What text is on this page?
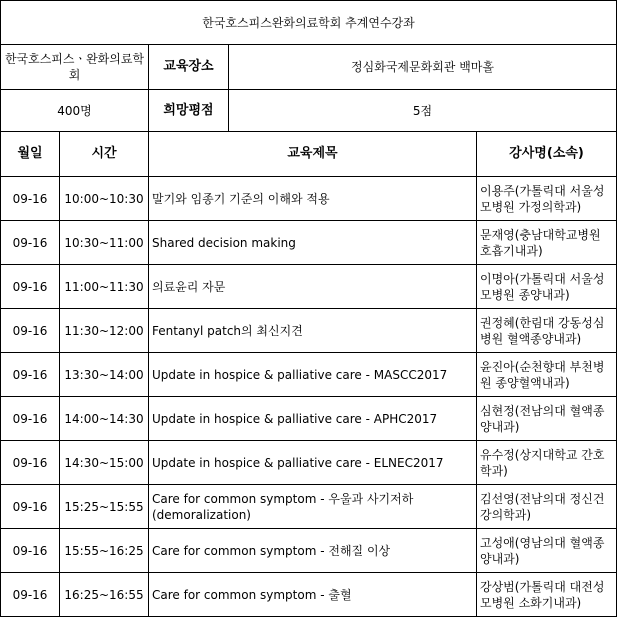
한국호스피스완화의료학회 추계연수강좌				
한국호스피스ㆍ완화의료학회		교육장소	정심화국제문화회관 백마홀	
400명		희망평점	5점	
월일	시간	교육제목		강사명(소속)
09-16	10:00~10:30	말기와 임종기 기준의 이해와 적용		이용주(가톨릭대 서울성모병원 가정의학과)
09-16	10:30~11:00	Shared decision making		문재영(충남대학교병원 호흡기내과)
09-16	11:00~11:30	의료윤리 자문		이명아(가톨릭대 서울성모병원 종양내과)
09-16	11:30~12:00	Fentanyl patch의 최신지견		권정혜(한림대 강동성심병원 혈액종양내과)
09-16	13:30~14:00	Update in hospice & palliative care - MASCC2017		윤진아(순천향대 부천병원 종양혈액내과)
09-16	14:00~14:30	Update in hospice & palliative care - APHC2017		심현정(전남의대 혈액종양내과)
09-16	14:30~15:00	Update in hospice & palliative care - ELNEC2017		유수정(상지대학교 간호학과)
09-16	15:25~15:55	Care for common symptom - 우울과 사기저하 (demoralization)		김선영(전남의대 정신건강의학과)
09-16	15:55~16:25	Care for common symptom - 전해질 이상		고성애(영남의대 혈액종양내과)
09-16	16:25~16:55	Care for common symptom - 출혈		강상범(가톨릭대 대전성모병원 소화기내과)
